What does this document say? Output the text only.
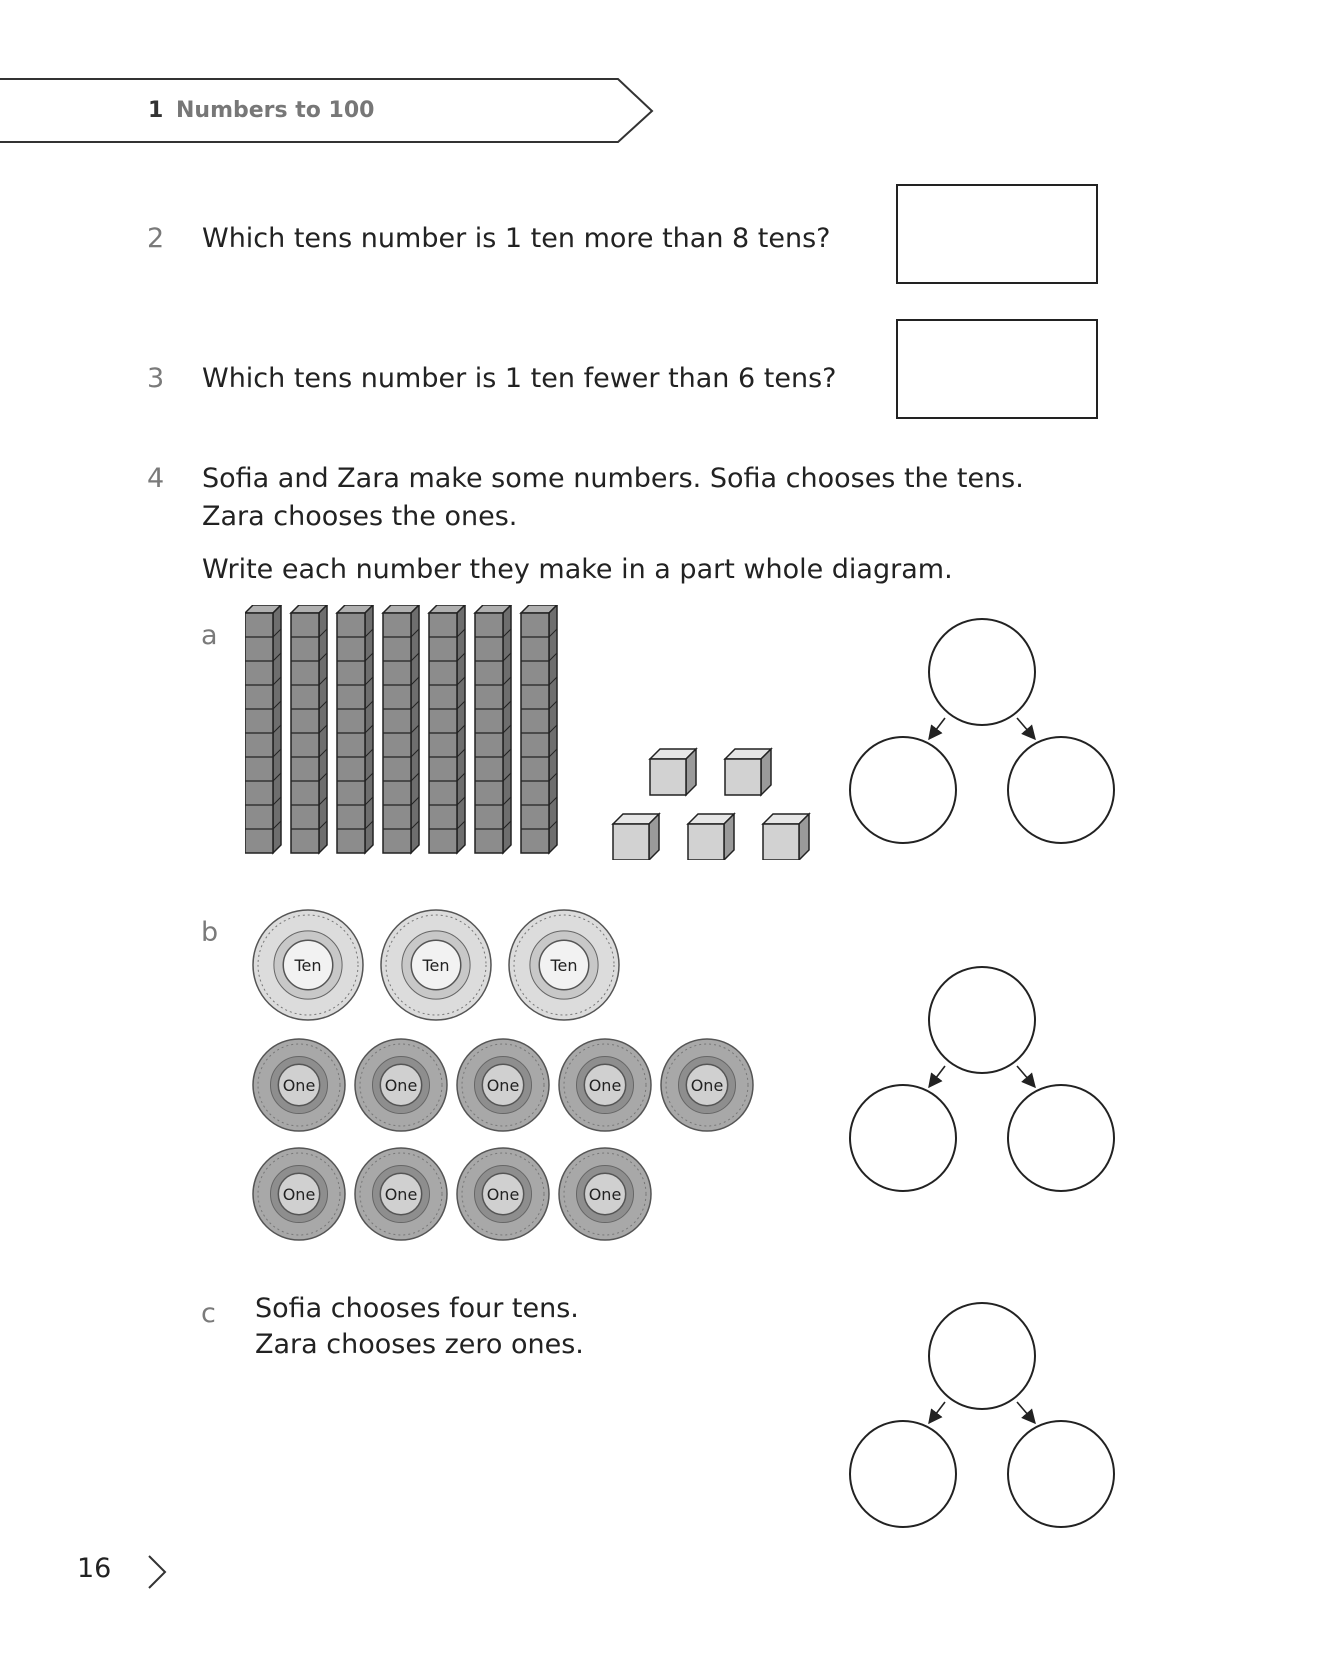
1 Numbers to 100
2 Which tens number is 1 ten more than 8 tens?
3 Which tens number is 1 ten fewer than 6 tens?
4 Sofia and Zara make some numbers. Sofia chooses the tens.
Zara chooses the ones.
Write each number they make in a part whole diagram.
a
b
Ten	Ten	Ten
One	One	One	One	One
One	One	One	One
c Sofia chooses four tens.
Zara chooses zero ones.
16
